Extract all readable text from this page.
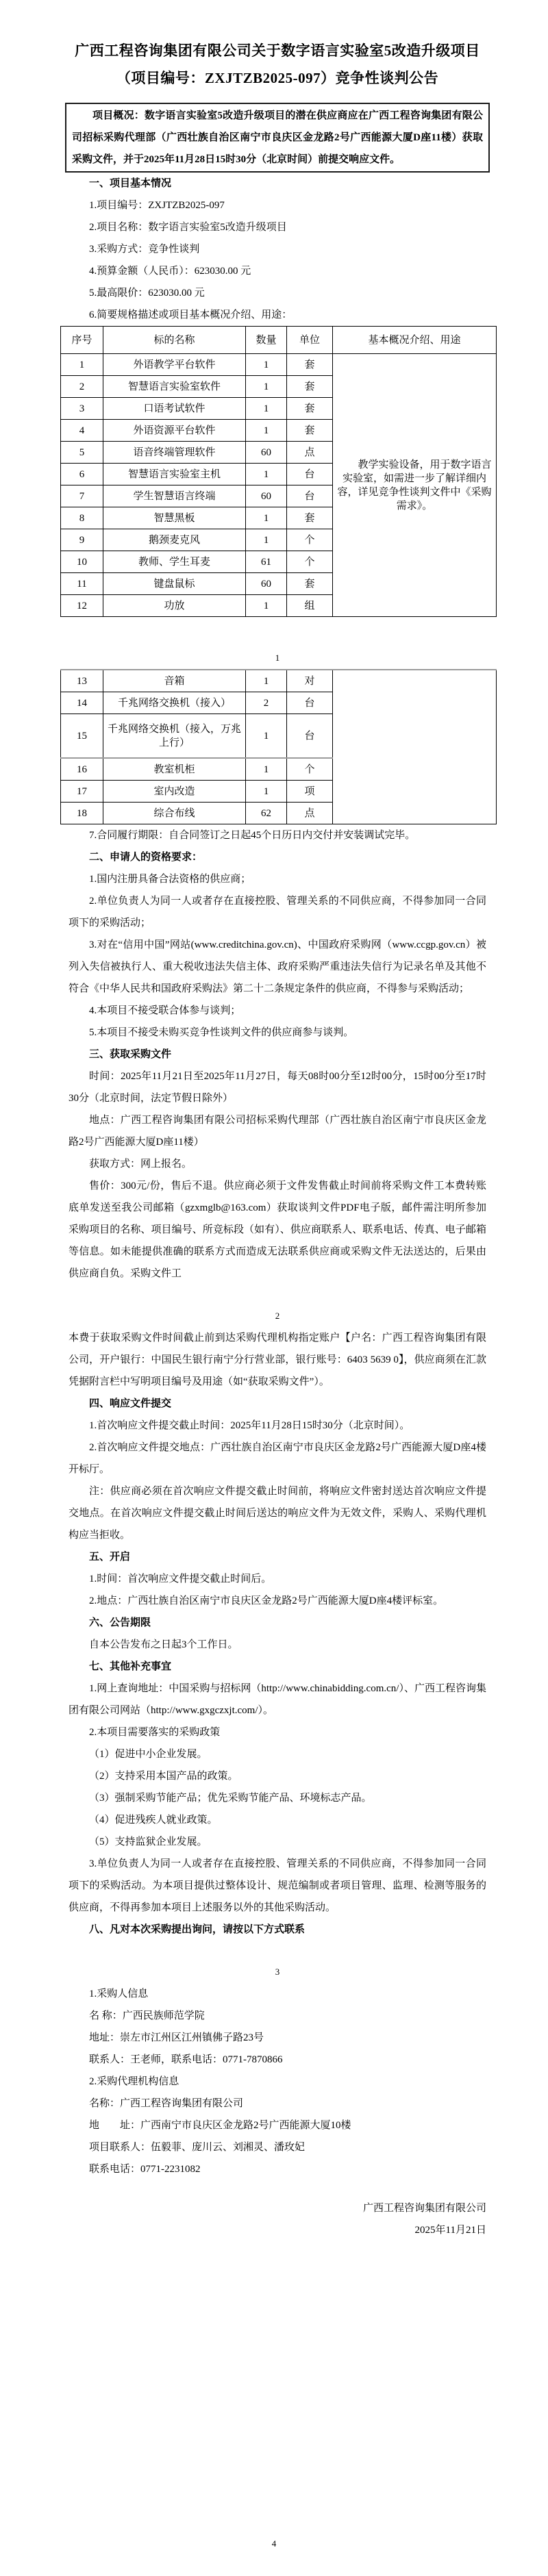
广西工程咨询集团有限公司关于数字语言实验室5改造升级项目
（项目编号：ZXJTZB2025-097）竞争性谈判公告
项目概况：数字语言实验室5改造升级项目的潜在供应商应在广西工程咨询集团有限公司招标采购代理部（广西壮族自治区南宁市良庆区金龙路2号广西能源大厦D座11楼）获取采购文件，并于2025年11月28日15时30分（北京时间）前提交响应文件。
一、项目基本情况
1.项目编号：ZXJTZB2025-097
2.项目名称：数字语言实验室5改造升级项目
3.采购方式：竞争性谈判
4.预算金额（人民币）：623030.00 元
5.最高限价：623030.00 元
6.简要规格描述或项目基本概况介绍、用途：
序号	标的名称	数量	单位	基本概况介绍、用途
1	外语教学平台软件	1	套	教学实验设备，用于数字语言实验室，如需进一步了解详细内容，详见竞争性谈判文件中《采购需求》。
2	智慧语言实验室软件	1	套	
3	口语考试软件	1	套	
4	外语资源平台软件	1	套	
5	语音终端管理软件	60	点	
6	智慧语言实验室主机	1	台	
7	学生智慧语言终端	60	台	
8	智慧黑板	1	套	
9	鹅颈麦克风	1	个	
10	教师、学生耳麦	61	个	
11	键盘鼠标	60	套	
12	功放	1	组	
1
13	音箱	1	对	
14	千兆网络交换机（接入）	2	台	
15	千兆网络交换机（接入，万兆上行）	1	台	
16	教室机柜	1	个	
17	室内改造	1	项	
18	综合布线	62	点	
7.合同履行期限：自合同签订之日起45个日历日内交付并安装调试完毕。
二、申请人的资格要求：
1.国内注册具备合法资格的供应商；
2.单位负责人为同一人或者存在直接控股、管理关系的不同供应商，不得参加同一合同项下的采购活动；
3.对在“信用中国”网站(www.creditchina.gov.cn)、中国政府采购网（www.ccgp.gov.cn）被列入失信被执行人、重大税收违法失信主体、政府采购严重违法失信行为记录名单及其他不符合《中华人民共和国政府采购法》第二十二条规定条件的供应商，不得参与采购活动；
4.本项目不接受联合体参与谈判；
5.本项目不接受未购买竞争性谈判文件的供应商参与谈判。
三、获取采购文件
时间：2025年11月21日至2025年11月27日，每天08时00分至12时00分，15时00分至17时30分（北京时间，法定节假日除外）
地点：广西工程咨询集团有限公司招标采购代理部（广西壮族自治区南宁市良庆区金龙路2号广西能源大厦D座11楼）
获取方式：网上报名。
售价：300元/份，售后不退。供应商必须于文件发售截止时间前将采购文件工本费转账底单发送至我公司邮箱（gzxmglb@163.com）获取谈判文件PDF电子版，邮件需注明所参加采购项目的名称、项目编号、所竞标段（如有）、供应商联系人、联系电话、传真、电子邮箱等信息。如未能提供准确的联系方式而造成无法联系供应商或采购文件无法送达的，后果由供应商自负。采购文件工
2
本费于获取采购文件时间截止前到达采购代理机构指定账户【户名：广西工程咨询集团有限公司，开户银行：中国民生银行南宁分行营业部，银行账号：6403 5639 0】，供应商须在汇款凭据附言栏中写明项目编号及用途（如“获取采购文件”）。
四、响应文件提交
1.首次响应文件提交截止时间：2025年11月28日15时30分（北京时间）。
2.首次响应文件提交地点：广西壮族自治区南宁市良庆区金龙路2号广西能源大厦D座4楼开标厅。
注：供应商必须在首次响应文件提交截止时间前，将响应文件密封送达首次响应文件提交地点。在首次响应文件提交截止时间后送达的响应文件为无效文件，采购人、采购代理机构应当拒收。
五、开启
1.时间：首次响应文件提交截止时间后。
2.地点：广西壮族自治区南宁市良庆区金龙路2号广西能源大厦D座4楼评标室。
六、公告期限
自本公告发布之日起3个工作日。
七、其他补充事宜
1.网上查询地址：中国采购与招标网（http://www.chinabidding.com.cn/）、广西工程咨询集团有限公司网站（http://www.gxgczxjt.com/）。
2.本项目需要落实的采购政策
（1）促进中小企业发展。
（2）支持采用本国产品的政策。
（3）强制采购节能产品；优先采购节能产品、环境标志产品。
（4）促进残疾人就业政策。
（5）支持监狱企业发展。
3.单位负责人为同一人或者存在直接控股、管理关系的不同供应商，不得参加同一合同项下的采购活动。为本项目提供过整体设计、规范编制或者项目管理、监理、检测等服务的供应商，不得再参加本项目上述服务以外的其他采购活动。
八、凡对本次采购提出询问，请按以下方式联系
3
1.采购人信息
名 称：广西民族师范学院
地址：崇左市江州区江州镇佛子路23号
联系人：王老师，联系电话：0771-7870866
2.采购代理机构信息
名称：广西工程咨询集团有限公司
地　　址：广西南宁市良庆区金龙路2号广西能源大厦10楼
项目联系人：伍毅菲、庞川云、刘湘灵、潘玫妃
联系电话：0771-2231082
广西工程咨询集团有限公司
2025年11月21日
4
